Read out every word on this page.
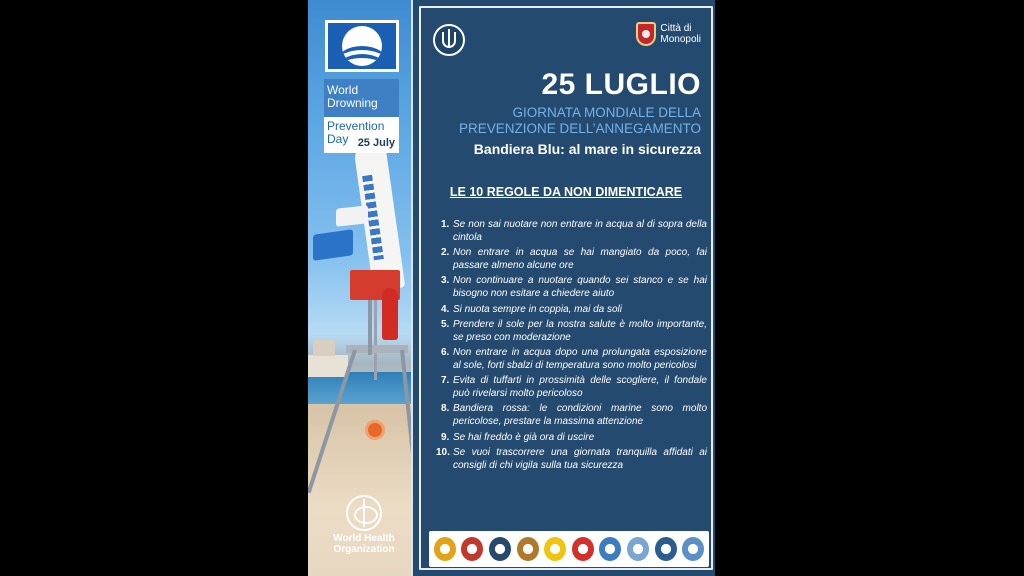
World
Drowning
Prevention
Day 25 July
World Health
Organization
Città di
Monopoli
25 LUGLIO
GIORNATA MONDIALE DELLA
PREVENZIONE DELL’ANNEGAMENTO
Bandiera Blu: al mare in sicurezza
LE 10 REGOLE DA NON DIMENTICARE
1. Se non sai nuotare non entrare in acqua al di sopra della cintola
2. Non entrare in acqua se hai mangiato da poco, fai passare almeno alcune ore
3. Non continuare a nuotare quando sei stanco e se hai bisogno non esitare a chiedere aiuto
4. Si nuota sempre in coppia, mai da soli
5. Prendere il sole per la nostra salute è molto importante, se preso con moderazione
6. Non entrare in acqua dopo una prolungata esposizione al sole, forti sbalzi di temperatura sono molto pericolosi
7. Evita di tuffarti in prossimità delle scogliere, il fondale può rivelarsi molto pericoloso
8. Bandiera rossa: le condizioni marine sono molto pericolose, prestare la massima attenzione
9. Se hai freddo è già ora di uscire
10. Se vuoi trascorrere una giornata tranquilla affidati ai consigli di chi vigila sulla tua sicurezza
